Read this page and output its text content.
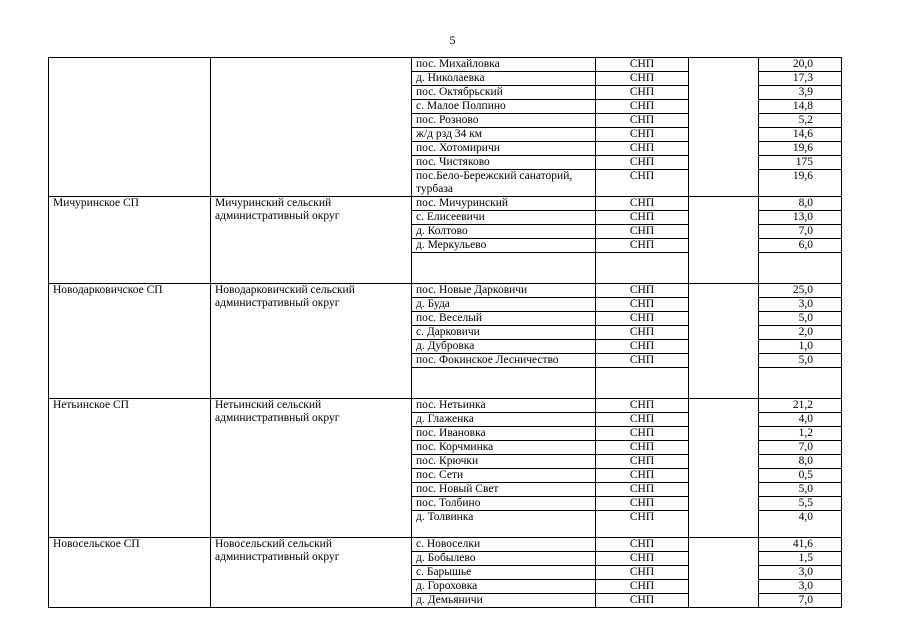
5
		пос. Михайловка	СНП		20,0
		д. Николаевка	СНП		17,3
		пос. Октябрьский	СНП		3,9
		с. Малое Полпино	СНП		14,8
		пос. Розново	СНП		5,2
		ж/д рзд 34 км	СНП		14,6
		пос. Хотомиричи	СНП		19,6
		пос. Чистяково	СНП		175
		пос.Бело-Бережский санаторий, турбаза	СНП		19,6
Мичуринское СП	Мичуринский сельский административный округ	пос. Мичуринский	СНП		8,0
		с. Елисеевичи	СНП		13,0
		д. Колтово	СНП		7,0
		д. Меркульево	СНП		6,0

Новодарковичское СП	Новодарковичский сельский административный округ	пос. Новые Дарковичи	СНП		25,0
		д. Буда	СНП		3,0
		пос. Веселый	СНП		5,0
		с. Дарковичи	СНП		2,0
		д. Дубровка	СНП		1,0
		пос. Фокинское Лесничество	СНП		5,0

Нетьинское СП	Нетьинский сельский административный округ	пос. Нетьинка	СНП		21,2
		д. Глаженка	СНП		4,0
		пос. Ивановка	СНП		1,2
		пос. Корчминка	СНП		7,0
		пос. Крючки	СНП		8,0
		пос. Сети	СНП		0,5
		пос. Новый Свет	СНП		5,0
		пос. Толбино	СНП		5,5
		д. Толвинка	СНП		4,0
Новосельское СП	Новосельский сельский административный округ	с. Новоселки	СНП		41,6
		д. Бобылево	СНП		1,5
		с. Барышье	СНП		3,0
		д. Гороховка	СНП		3,0
		д. Демьяничи	СНП		7,0
